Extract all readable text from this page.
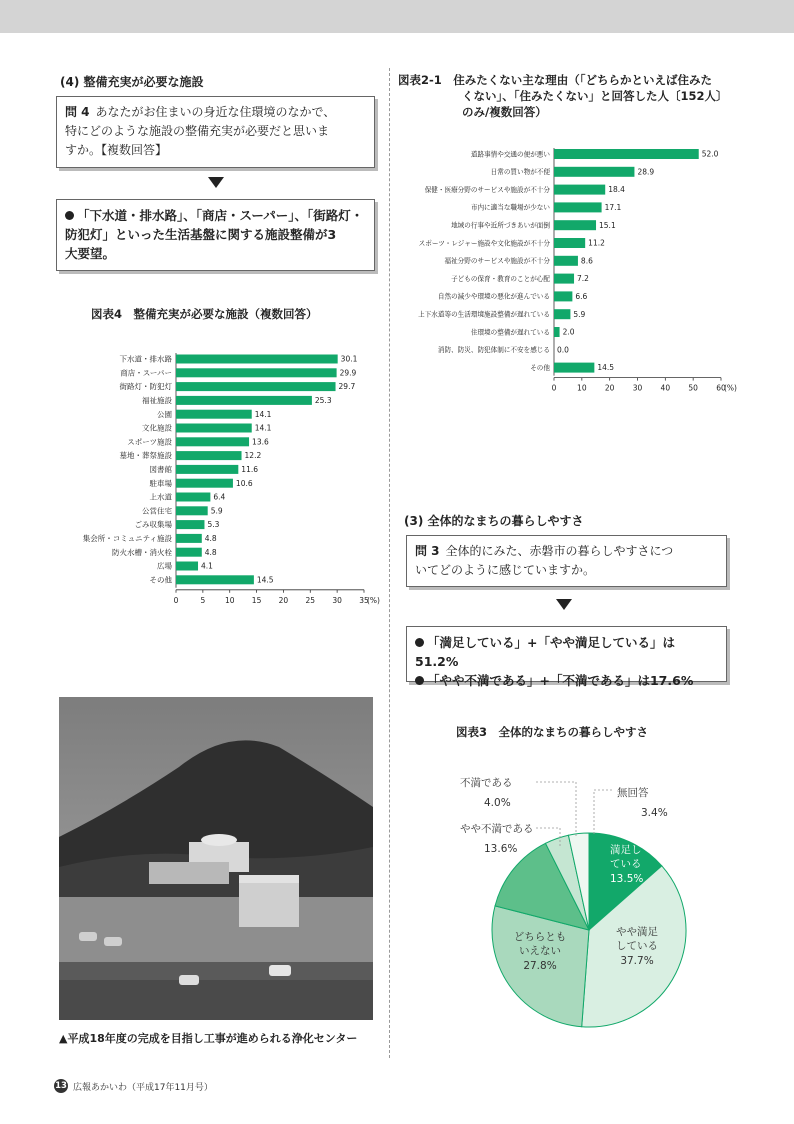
(4) 整備充実が必要な施設
問 4 あなたがお住まいの身近な住環境のなかで、
特にどのような施設の整備充実が必要だと思いま
すか。【複数回答】
「下水道・排水路」、「商店・スーパー」、「街路灯・
防犯灯」といった生活基盤に関する施設整備が3
大要望。
図表4　整備充実が必要な施設（複数回答）
0	5	10 15 20 25 30 35
(%)
下水道・排水路	30.1
商店・スーパー	29.9
街路灯・防犯灯	29.7
福祉施設	25.3
公園	14.1
文化施設	14.1
スポーツ施設	13.6
墓地・葬祭施設	12.2
図書館	11.6
駐車場	10.6
上水道	6.4
公営住宅	5.9
ごみ収集場	5.3
集会所・コミュニティ施設	4.8
防火水槽・消火栓	4.8
広場	4.1
その他	14.5
▲平成18年度の完成を目指し工事が進められる浄化センター
図表2-1　住みたくない主な理由（「どちらかといえば住みた
くない」、「住みたくない」と回答した人〔152人〕
のみ/複数回答）
0	10 20 30 40 50 60
(%)
道路事情や交通の便が悪い	52.0
日常の買い物が不便	28.9
保健・医療分野のサービスや施設が不十分	18.4
市内に適当な職場が少ない	17.1
地域の行事や近所づきあいが面倒	15.1
スポーツ・レジャー施設や文化施設が不十分	11.2
福祉分野のサービスや施設が不十分	8.6
子どもの保育・教育のことが心配	7.2
自然の減少や環境の悪化が進んでいる	6.6
上下水道等の生活環境施設整備が遅れている	5.9
住環境の整備が遅れている 2.0
消防、防災、防犯体制に不安を感じる 0.0
その他	14.5
(3) 全体的なまちの暮らしやすさ
問 3 全体的にみた、赤磐市の暮らしやすさにつ
いてどのように感じていますか。
「満足している」+「やや満足している」は51.2%
「やや不満である」+「不満である」は17.6%
図表3　全体的なまちの暮らしやすさ
満足し
ている
13.5%
やや満足
している
37.7%
どちらとも
いえない
27.8%
やや不満である
13.6%
不満である
4.0%
無回答
3.4%
13 広報あかいわ（平成17年11月号）
